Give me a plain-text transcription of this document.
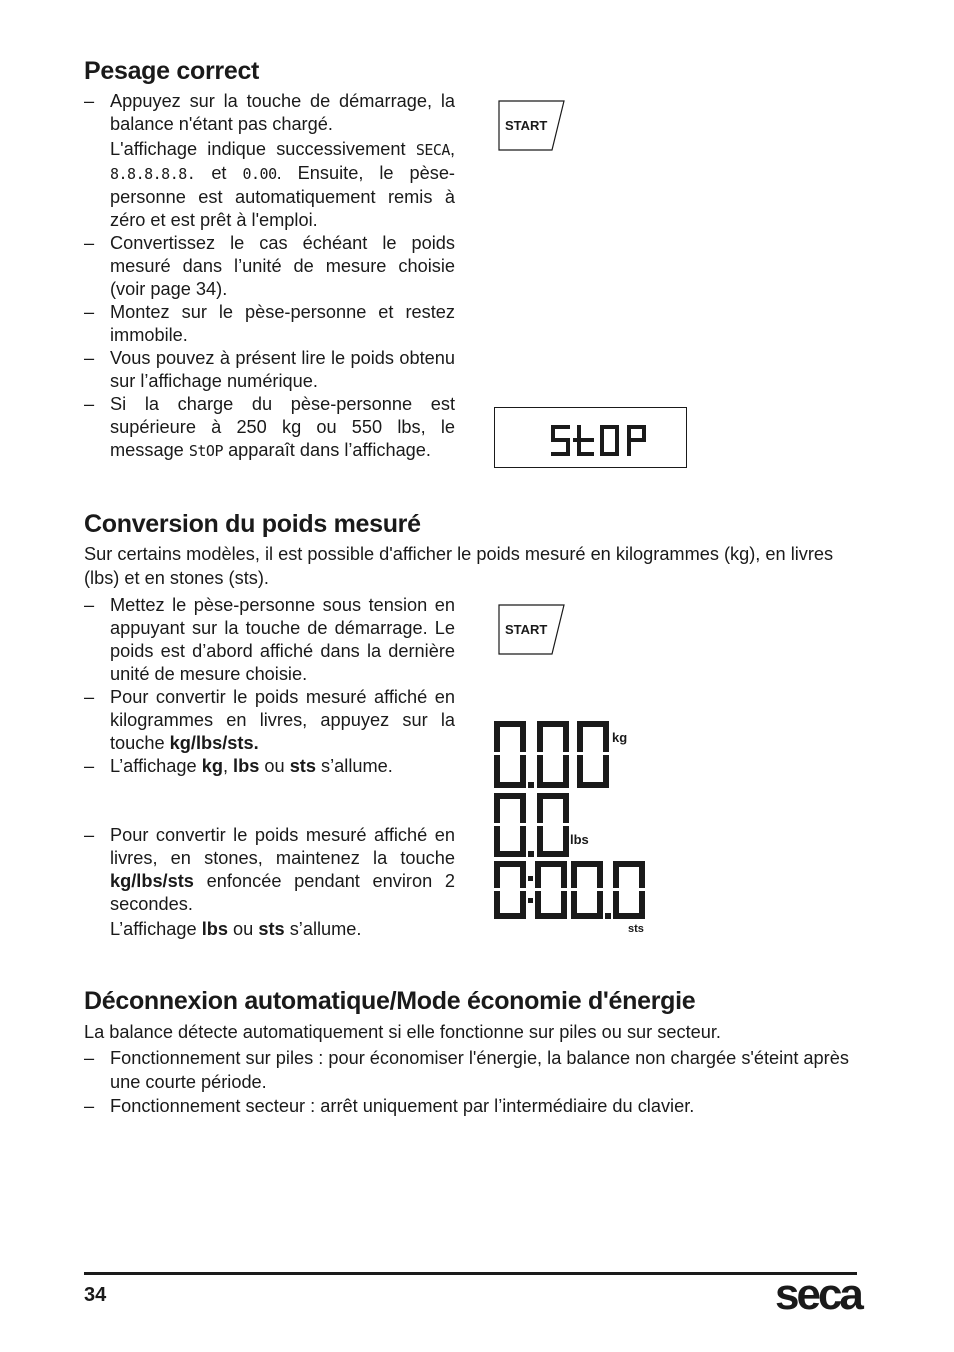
Pesage correct

– Appuyez sur la touche de démarrage, la balance n'étant pas chargé.

L'affichage indique successivement SECA, 8.8.8.8.8. et 0.00. Ensuite, le pèse-personne est automatiquement remis à zéro et est prêt à l'emploi.

– Convertissez le cas échéant le poids mesuré dans l’unité de mesure choisie (voir page 34).

– Montez sur le pèse-personne et restez immobile.

– Vous pouvez à présent lire le poids obtenu sur l’affichage numérique.

– Si la charge du pèse-personne est supérieure à 250 kg ou 550 lbs, le message StOP apparaît dans l’affichage.

START
Conversion du poids mesuré

Sur certains modèles, il est possible d'afficher le poids mesuré en kilogrammes (kg), en livres (lbs) et en stones (sts).

– Mettez le pèse-personne sous tension en appuyant sur la touche de démarrage. Le poids est d’abord affiché dans la dernière unité de mesure choisie.

– Pour convertir le poids mesuré affiché en kilogrammes en livres, appuyez sur la touche kg/lbs/sts.

– L’affichage kg, lbs ou sts s’allume.

– Pour convertir le poids mesuré affiché en livres, en stones, maintenez la touche kg/lbs/sts enfoncée pendant environ 2 secondes.

L’affichage lbs ou sts s’allume.

START
kg
lbs
sts
Déconnexion automatique/Mode économie d'énergie

La balance détecte automatiquement si elle fonctionne sur piles ou sur secteur.

– Fonctionnement sur piles : pour économiser l'énergie, la balance non chargée s'éteint après une courte période.

– Fonctionnement secteur : arrêt uniquement par l’intermédiaire du clavier.

34	seca
